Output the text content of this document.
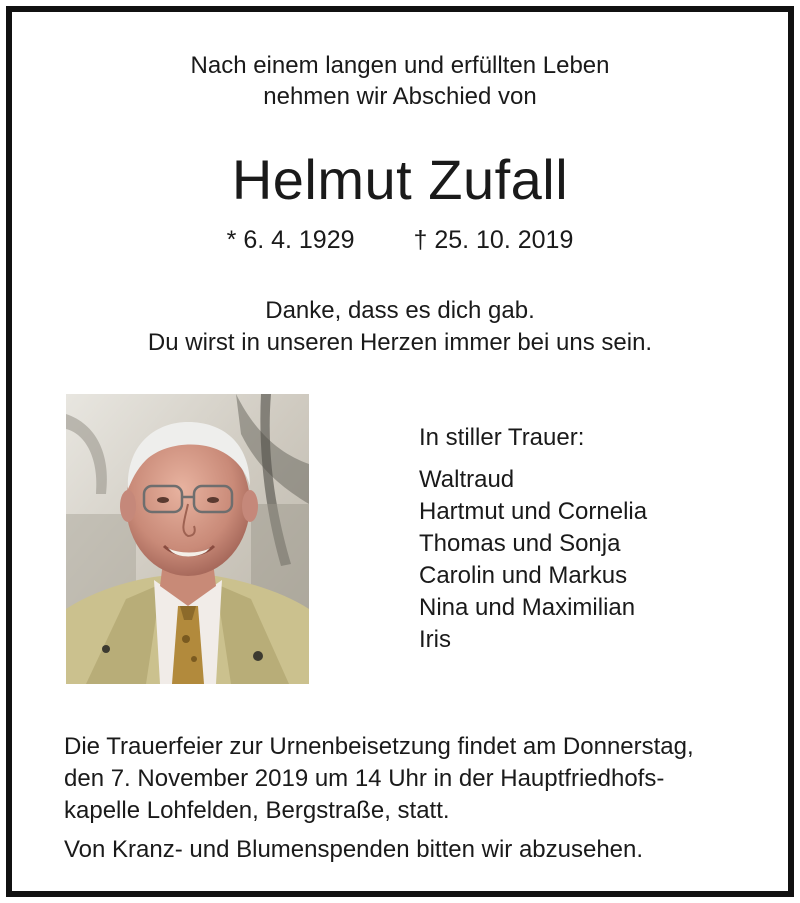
Nach einem langen und erfüllten Leben
nehmen wir Abschied von
Helmut Zufall
* 6. 4. 1929 † 25. 10. 2019
Danke, dass es dich gab.
Du wirst in unseren Herzen immer bei uns sein.
In stiller Trauer:
Waltraud
Hartmut und Cornelia
Thomas und Sonja
Carolin und Markus
Nina und Maximilian
Iris
Die Trauerfeier zur Urnenbeisetzung findet am Donnerstag,
den 7. November 2019 um 14 Uhr in der Hauptfriedhofs-
kapelle Lohfelden, Bergstraße, statt.
Von Kranz- und Blumenspenden bitten wir abzusehen.
